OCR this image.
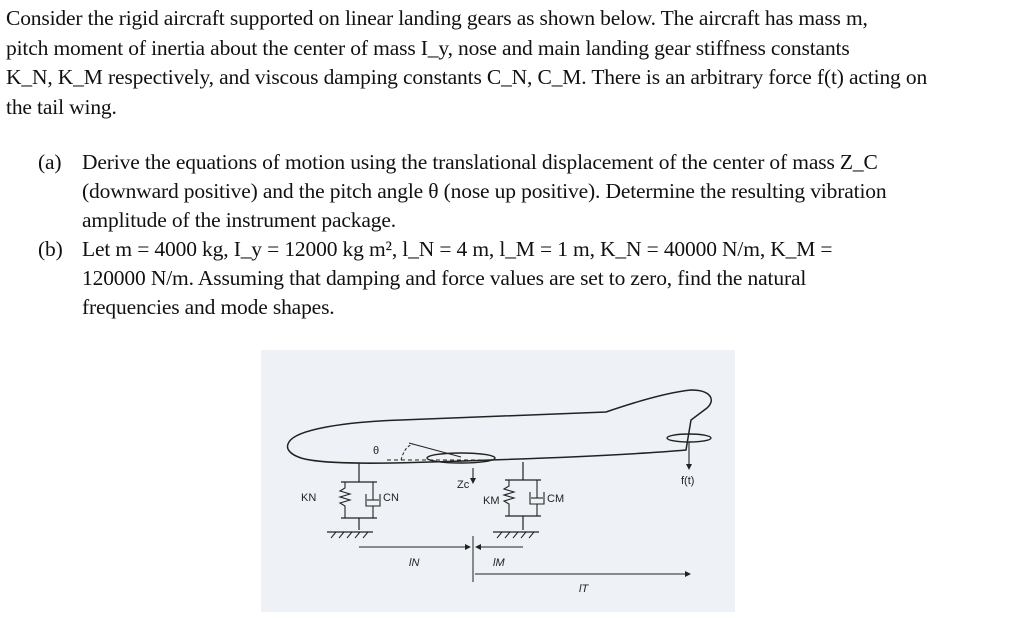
Consider the rigid aircraft supported on linear landing gears as shown below. The aircraft has mass m,

pitch moment of inertia about the center of mass I_y, nose and main landing gear stiffness constants

K_N, K_M respectively, and viscous damping constants C_N, C_M. There is an arbitrary force f(t) acting on

the tail wing.

(a) Derive the equations of motion using the translational displacement of the center of mass Z_C
(downward positive) and the pitch angle θ (nose up positive). Determine the resulting vibration
amplitude of the instrument package.
(b) Let m = 4000 kg, I_y = 12000 kg m², l_N = 4 m, l_M = 1 m, K_N = 40000 N/m, K_M =
120000 N/m. Assuming that damping and force values are set to zero, find the natural
frequencies and mode shapes.
θ
KN	CN	KM	CM
Zc	f(t)
lN	lM
lT
